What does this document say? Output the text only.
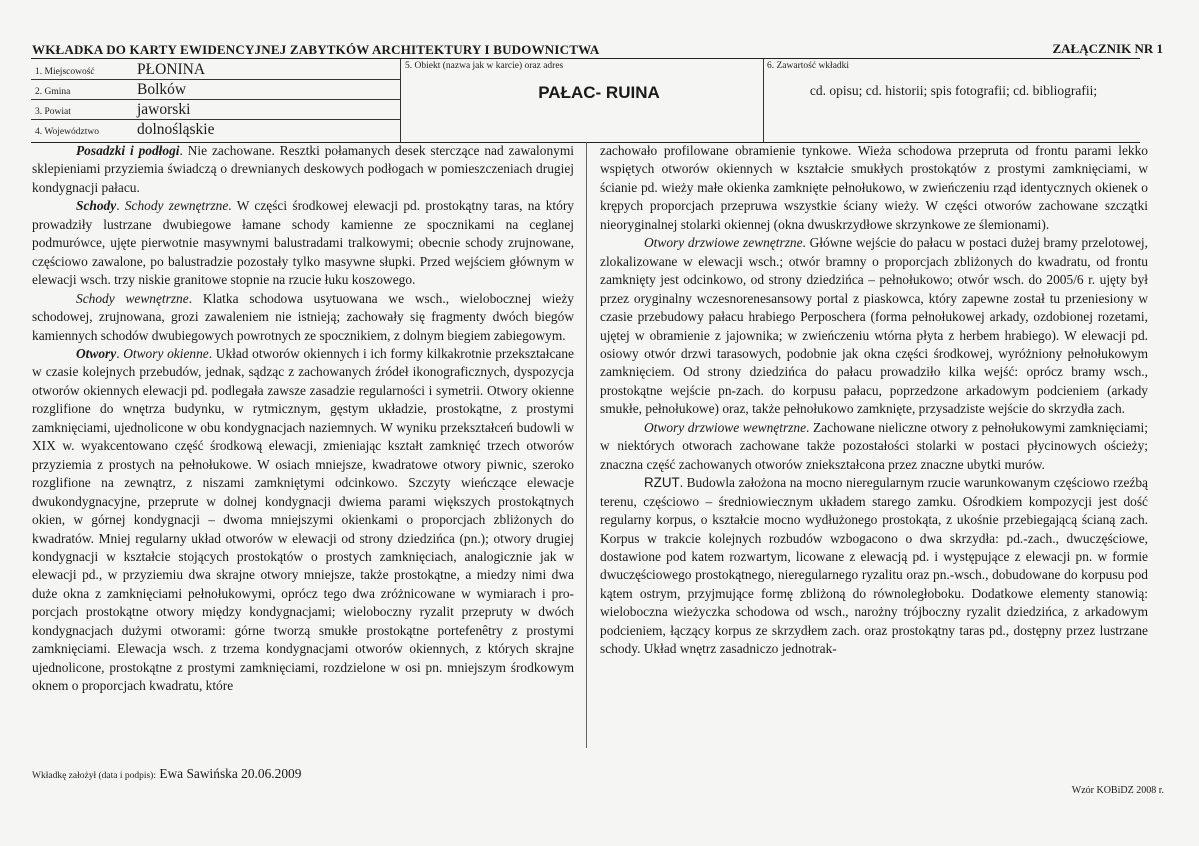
WKŁADKA DO KARTY EWIDENCYJNEJ ZABYTKÓW ARCHITEKTURY I BUDOWNICTWA	ZAŁĄCZNIK NR 1
1. Miejscowość	PŁONINA
2. Gmina	Bolków
3. Powiat	jaworski
4. Województwo dolnośląskie
5. Obiekt (nazwa jak w karcie) oraz adres
PAŁAC- RUINA
6. Zawartość wkładki
cd. opisu; cd. historii; spis fotografii; cd. bibliografii;

Posadzki i podłogi. Nie zachowane. Resztki połamanych desek sterczące nad zawalonymi sklepieniami przyziemia świadczą o drewnianych deskowych podłogach w pomieszczeniach drugiej kondygnacji pałacu.

Schody. Schody zewnętrzne. W części środkowej elewacji pd. prostokątny taras, na który prowadziły lustrzane dwubiegowe łamane schody kamienne ze spocznikami na ceglanej podmurówce, ujęte pierwotnie masywnymi balustradami tralkowymi; obecnie schody zrujnowane, częściowo zawalone, po balustradzie pozostały tylko masywne słupki. Przed wejściem głównym w elewacji wsch. trzy niskie granitowe stopnie na rzucie łuku koszowego.

Schody wewnętrzne. Klatka schodowa usytuowana we wsch., wielobocznej wieży schodowej, zrujnowana, grozi zawaleniem nie istnieją; zachowały się fragmenty dwóch biegów kamiennych schodów dwubiegowych powrotnych ze spocznikiem, z dolnym biegiem zabiegowym.

Otwory. Otwory okienne. Układ otworów okiennych i ich formy kilkakrotnie przekształcane w czasie kolejnych przebudów, jednak, sądząc z zachowanych źródeł ikonograficznych, dyspozycja otworów okiennych elewacji pd. podlegała zawsze zasadzie regularności i symetrii. Otwory okienne rozglifione do wnętrza budynku, w rytmicznym, gęstym układzie, prostokątne, z prostymi zamknięciami, ujednolicone w obu kondygnacjach naziemnych. W wyniku przekształceń budowli w XIX w. wyakcentowano część środkową elewacji, zmieniając kształt zamknięć trzech otworów przyziemia z prostych na pełnołukowe. W osiach mniejsze, kwadratowe otwory piwnic, szeroko rozglifione na zewnątrz, z niszami zamkniętymi odcinkowo. Szczyty wieńczące elewacje dwukondygnacyjne, przeprute w dolnej kondygnacji dwiema parami większych prostokątnych okien, w górnej kondygnacji – dwoma mniejszymi okienkami o proporcjach zbliżonych do kwadratów. Mniej regularny układ otworów w elewacji od strony dziedzińca (pn.); otwory drugiej kondygnacji w kształcie stojących prostokątów o prostych zamknięciach, analogicznie jak w elewacji pd., w przyziemiu dwa skrajne otwory mniejsze, także prostokątne, a miedzy nimi dwa duże okna z zamknięciami pełnołukowymi, oprócz tego dwa zróżnicowane w wymiarach i proporcjach prostokątne otwory między kondygnacjami; wieloboczny ryzalit przepruty w dwóch kondygnacjach dużymi otworami: górne tworzą smukłe prostokątne portefenêtry z prostymi zamknięciami. Elewacja wsch. z trzema kondygnacjami otworów okiennych, z których skrajne ujednolicone, prostokątne z prostymi zamknięciami, rozdzielone w osi pn. mniejszym środkowym oknem o proporcjach kwadratu, które

zachowało profilowane obramienie tynkowe. Wieża schodowa przepruta od frontu parami lekko wspiętych otworów okiennych w kształcie smukłych prostokątów z prostymi zamknięciami, w ścianie pd. wieży małe okienka zamknięte pełnołukowo, w zwieńczeniu rząd identycznych okienek o krępych proporcjach przepruwa wszystkie ściany wieży. W części otworów zachowane szczątki nieoryginalnej stolarki okiennej (okna dwuskrzydłowe skrzynkowe ze ślemionami).

Otwory drzwiowe zewnętrzne. Główne wejście do pałacu w postaci dużej bramy przelotowej, zlokalizowane w elewacji wsch.; otwór bramny o proporcjach zbliżonych do kwadratu, od frontu zamknięty jest odcinkowo, od strony dziedzińca – pełnołukowo; otwór wsch. do 2005/6 r. ujęty był przez oryginalny wczesnorenesansowy portal z piaskowca, który zapewne został tu przeniesiony w czasie przebudowy pałacu hrabiego Perposchera (forma pełnołukowej arkady, ozdobionej rozetami, ujętej w obramienie z jajownika; w zwieńczeniu wtórna płyta z herbem hrabiego). W elewacji pd. osiowy otwór drzwi tarasowych, podobnie jak okna części środkowej, wyróżniony pełnołukowym zamknięciem. Od strony dziedzińca do pałacu prowadziło kilka wejść: oprócz bramy wsch., prostokątne wejście pn-zach. do korpusu pałacu, poprzedzone arkadowym podcieniem (arkady smukłe, pełnołukowe) oraz, także pełnołukowo zamknięte, przysadziste wejście do skrzydła zach.

Otwory drzwiowe wewnętrzne. Zachowane nieliczne otwory z pełnołukowymi zamknięciami; w niektórych otworach zachowane także pozostałości stolarki w postaci płycinowych ościeży; znaczna część zachowanych otworów zniekształcona przez znaczne ubytki murów.

RZUT. Budowla założona na mocno nieregularnym rzucie warunkowanym częściowo rzeźbą terenu, częściowo – średniowiecznym układem starego zamku. Ośrodkiem kompozycji jest dość regularny korpus, o kształcie mocno wydłużonego prostokąta, z ukośnie przebiegającą ścianą zach. Korpus w trakcie kolejnych rozbudów wzbogacono o dwa skrzydła: pd.-zach., dwuczęściowe, dostawione pod katem rozwartym, licowane z elewacją pd. i występujące z elewacji pn. w formie dwuczęściowego prostokątnego, nieregularnego ryzalitu oraz pn.-wsch., dobudowane do korpusu pod kątem ostrym, przyjmujące formę zbliżoną do równoległoboku. Dodatkowe elementy stanowią: wieloboczna wieżyczka schodowa od wsch., narożny trójboczny ryzalit dziedzińca, z arkadowym podcieniem, łączący korpus ze skrzydłem zach. oraz prostokątny taras pd., dostępny przez lustrzane schody. Układ wnętrz zasadniczo jednotrak-

Wkładkę założył (data i podpis): Ewa Sawińska 20.06.2009
Wzór KOBiDZ 2008 r.
